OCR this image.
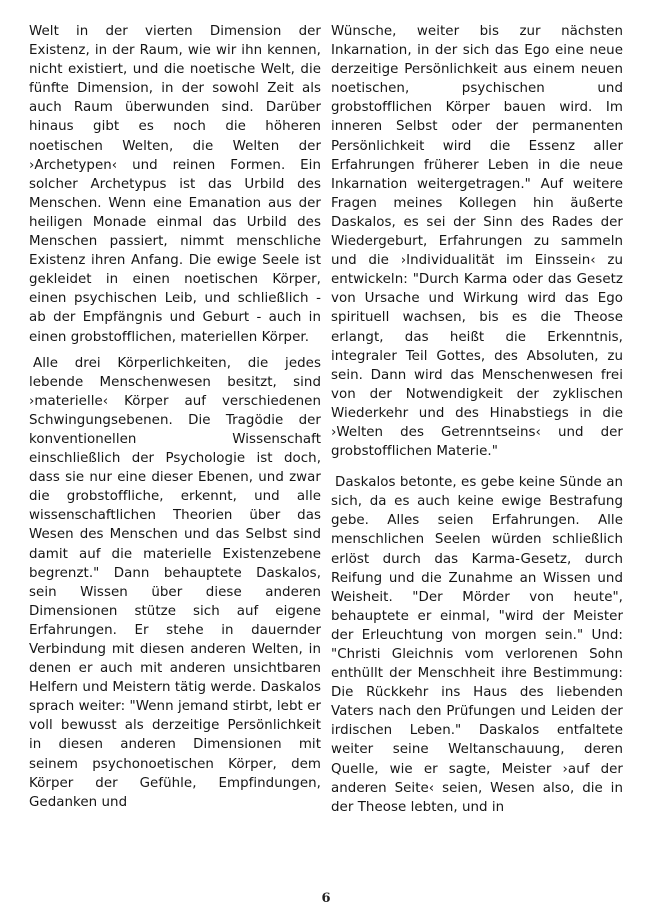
Welt in der vierten Dimension der Existenz, in der Raum, wie wir ihn kennen, nicht existiert, und die noetische Welt, die fünfte Dimension, in der sowohl Zeit als auch Raum überwunden sind. Darüber hinaus gibt es noch die höheren noetischen Welten, die Welten der ›Archetypen‹ und reinen Formen. Ein solcher Archetypus ist das Urbild des Menschen. Wenn eine Emanation aus der heiligen Monade einmal das Urbild des Menschen passiert, nimmt menschliche Existenz ihren Anfang. Die ewige Seele ist gekleidet in einen noetischen Körper, einen psychischen Leib, und schließlich - ab der Empfängnis und Geburt - auch in einen grobstofflichen, materiellen Körper.

Alle drei Körperlichkeiten, die jedes lebende Menschenwesen besitzt, sind ›materielle‹ Körper auf verschiedenen Schwingungsebenen. Die Tragödie der konventionellen Wissenschaft einschließlich der Psychologie ist doch, dass sie nur eine dieser Ebenen, und zwar die grobstoffliche, erkennt, und alle wissenschaftlichen Theorien über das Wesen des Menschen und das Selbst sind damit auf die materielle Existenzebene begrenzt." Dann behauptete Daskalos, sein Wissen über diese anderen Dimensionen stütze sich auf eigene Erfahrungen. Er stehe in dauernder Verbindung mit diesen anderen Welten, in denen er auch mit anderen unsichtbaren Helfern und Meistern tätig werde. Daskalos sprach weiter: "Wenn jemand stirbt, lebt er voll bewusst als derzeitige Persönlichkeit in diesen anderen Dimensionen mit seinem psychonoetischen Körper, dem Körper der Gefühle, Empfindungen, Gedanken und

Wünsche, weiter bis zur nächsten Inkarnation, in der sich das Ego eine neue derzeitige Persönlichkeit aus einem neuen noetischen, psychischen und grobstofflichen Körper bauen wird. Im inneren Selbst oder der permanenten Persönlichkeit wird die Essenz aller Erfahrungen früherer Leben in die neue Inkarnation weitergetragen." Auf weitere Fragen meines Kollegen hin äußerte Daskalos, es sei der Sinn des Rades der Wiedergeburt, Erfahrungen zu sammeln und die ›Individualität im Einssein‹ zu entwickeln: "Durch Karma oder das Gesetz von Ursache und Wirkung wird das Ego spirituell wachsen, bis es die Theose erlangt, das heißt die Erkenntnis, integraler Teil Gottes, des Absoluten, zu sein. Dann wird das Menschenwesen frei von der Notwendigkeit der zyklischen Wiederkehr und des Hinabstiegs in die ›Welten des Getrenntseins‹ und der grobstofflichen Materie."

Daskalos betonte, es gebe keine Sünde an sich, da es auch keine ewige Bestrafung gebe. Alles seien Erfahrungen. Alle menschlichen Seelen würden schließlich erlöst durch das Karma-Gesetz, durch Reifung und die Zunahme an Wissen und Weisheit. "Der Mörder von heute", behauptete er einmal, "wird der Meister der Erleuchtung von morgen sein." Und: "Christi Gleichnis vom verlorenen Sohn enthüllt der Menschheit ihre Bestimmung: Die Rückkehr ins Haus des liebenden Vaters nach den Prüfungen und Leiden der irdischen Leben." Daskalos entfaltete weiter seine Weltanschauung, deren Quelle, wie er sagte, Meister ›auf der anderen Seite‹ seien, Wesen also, die in der Theose lebten, und in

6
